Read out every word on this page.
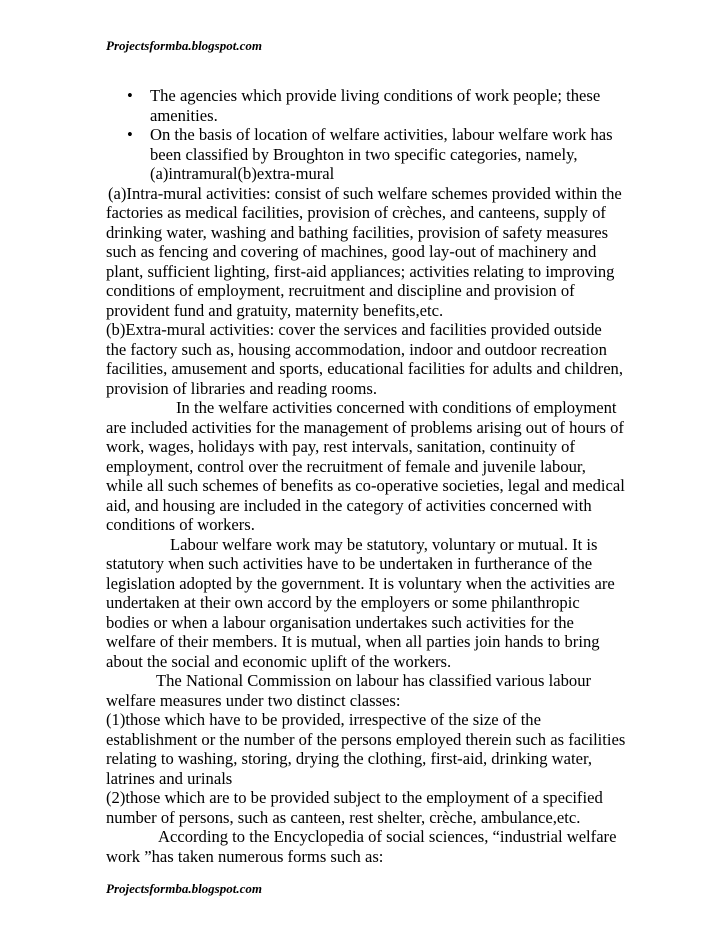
Projectsformba.blogspot.com
• The agencies which provide living conditions of work people; these amenities.
• On the basis of location of welfare activities, labour welfare work has been classified by Broughton in two specific categories, namely, (a)intramural(b)extra-mural

(a)Intra-mural activities: consist of such welfare schemes provided within the factories as medical facilities, provision of crèches, and canteens, supply of drinking water, washing and bathing facilities, provision of safety measures such as fencing and covering of machines, good lay-out of machinery and plant, sufficient lighting, first-aid appliances; activities relating to improving conditions of employment, recruitment and discipline and provision of provident fund and gratuity, maternity benefits,etc.

(b)Extra-mural activities: cover the services and facilities provided outside the factory such as, housing accommodation, indoor and outdoor recreation facilities, amusement and sports, educational facilities for adults and children, provision of libraries and reading rooms.

In the welfare activities concerned with conditions of employment are included activities for the management of problems arising out of hours of work, wages, holidays with pay, rest intervals, sanitation, continuity of employment, control over the recruitment of female and juvenile labour, while all such schemes of benefits as co-operative societies, legal and medical aid, and housing are included in the category of activities concerned with conditions of workers.

Labour welfare work may be statutory, voluntary or mutual. It is statutory when such activities have to be undertaken in furtherance of the legislation adopted by the government. It is voluntary when the activities are undertaken at their own accord by the employers or some philanthropic bodies or when a labour organisation undertakes such activities for the welfare of their members. It is mutual, when all parties join hands to bring about the social and economic uplift of the workers.

The National Commission on labour has classified various labour welfare measures under two distinct classes:

(1)those which have to be provided, irrespective of the size of the establishment or the number of the persons employed therein such as facilities relating to washing, storing, drying the clothing, first-aid, drinking water, latrines and urinals

(2)those which are to be provided subject to the employment of a specified number of persons, such as canteen, rest shelter, crèche, ambulance,etc.

According to the Encyclopedia of social sciences, “industrial welfare work ”has taken numerous forms such as:

Projectsformba.blogspot.com
